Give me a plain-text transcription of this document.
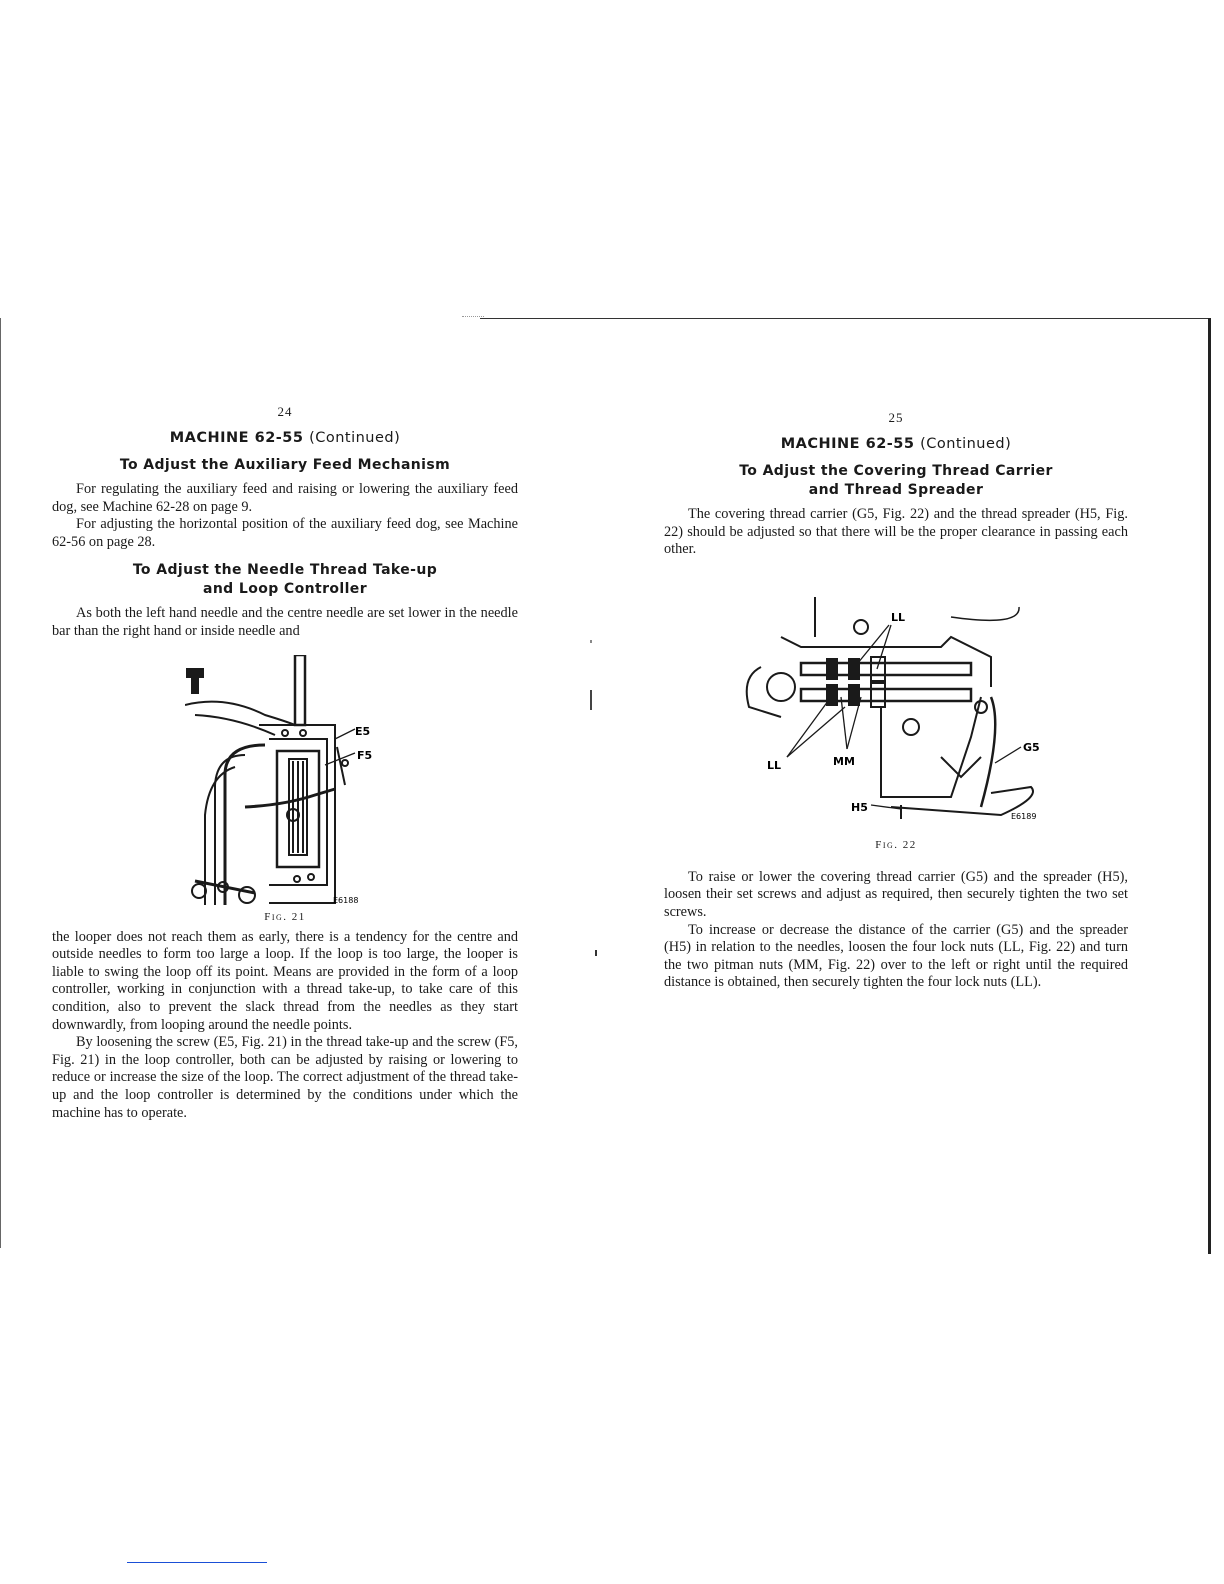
24
MACHINE 62-55 (Continued)
To Adjust the Auxiliary Feed Mechanism

For regulating the auxiliary feed and raising or lowering the auxiliary feed dog, see Machine 62-28 on page 9.

For adjusting the horizontal position of the auxiliary feed dog, see Machine 62-56 on page 28.

To Adjust the Needle Thread Take-up
and Loop Controller

As both the left hand needle and the centre needle are set lower in the needle bar than the right hand or inside needle and

E5
F5
E6188
Fig. 21

the looper does not reach them as early, there is a tendency for the centre and outside needles to form too large a loop. If the loop is too large, the looper is liable to swing the loop off its point. Means are provided in the form of a loop controller, working in conjunction with a thread take-up, to take care of this condition, also to prevent the slack thread from the needles as they start downwardly, from looping around the needle points.

By loosening the screw (E5, Fig. 21) in the thread take-up and the screw (F5, Fig. 21) in the loop controller, both can be adjusted by raising or lowering to reduce or increase the size of the loop. The correct adjustment of the thread take-up and the loop controller is determined by the conditions under which the machine has to operate.

25
MACHINE 62-55 (Continued)
To Adjust the Covering Thread Carrier
and Thread Spreader

The covering thread carrier (G5, Fig. 22) and the thread spreader (H5, Fig. 22) should be adjusted so that there will be the proper clearance in passing each other.

LL
LL	MM
G5
H5
E6189
Fig. 22

To raise or lower the covering thread carrier (G5) and the spreader (H5), loosen their set screws and adjust as required, then securely tighten the two set screws.

To increase or decrease the distance of the carrier (G5) and the spreader (H5) in relation to the needles, loosen the four lock nuts (LL, Fig. 22) and turn the two pitman nuts (MM, Fig. 22) over to the left or right until the required distance is obtained, then securely tighten the four lock nuts (LL).
